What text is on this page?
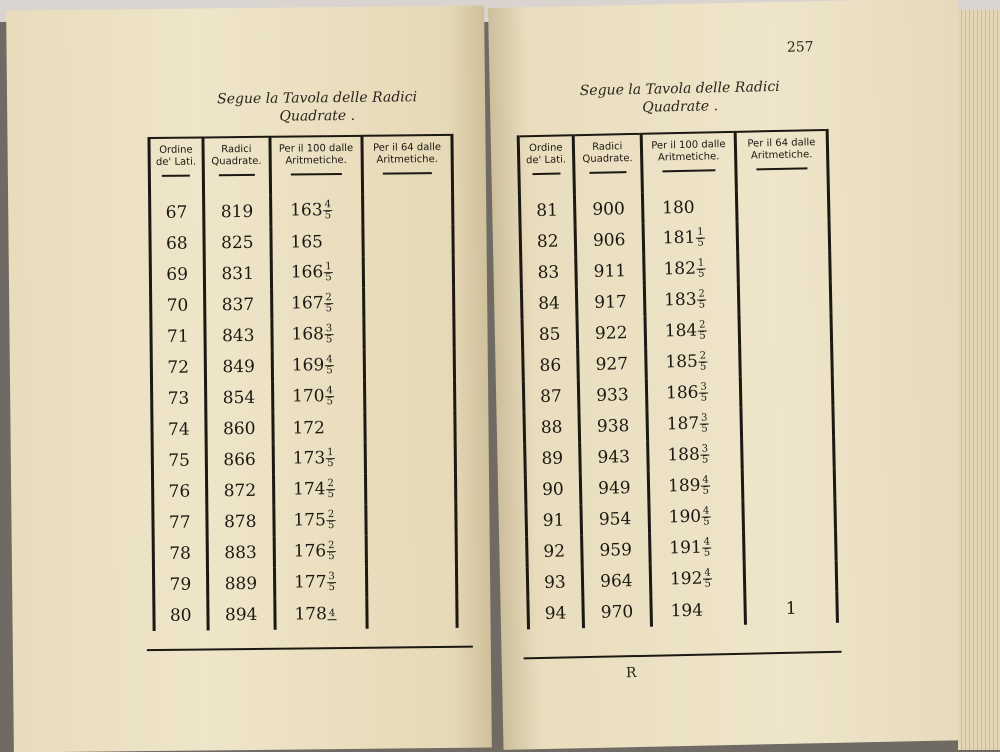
Segue la Tavola delle Radici
Quadrate .
Ordine de' Lati.	Radici Quadrate.	Per il 100 dalle Aritmetiche.	Per il 64 dalle Aritmetiche.

67	819	$163 \frac{4}{5}$

68	825	165	
69	831	$166 \frac{1}{5}$

70	837	$167 \frac{2}{5}$

71	843	$168 \frac{3}{5}$

72	849	$169 \frac{4}{5}$

73	854	$170 \frac{4}{5}$

74	860	172	
75	866	$173 \frac{1}{5}$

76	872	$174 \frac{2}{5}$

77	878	$175 \frac{2}{5}$

78	883	$176 \frac{2}{5}$

79	889	$177 \frac{3}{5}$

80	894	178 4	

257
Segue la Tavola delle Radici
Quadrate .
Ordine de' Lati.	Radici Quadrate.	Per il 100 dalle Aritmetiche.	Per il 64 dalle Aritmetiche.

81	900	180	
82	906	$181 \frac{1}{5}$

83	911	$182 \frac{1}{5}$

84	917	$183 \frac{2}{5}$

85	922	$184 \frac{2}{5}$

86	927	$185 \frac{2}{5}$

87	933	$186 \frac{3}{5}$

88	938	$187 \frac{3}{5}$

89	943	$188 \frac{3}{5}$

90	949	$189 \frac{4}{5}$

91	954	$190 \frac{4}{5}$

92	959	$191 \frac{4}{5}$

93	964	$192 \frac{4}{5}$

94	970	194	1
R
